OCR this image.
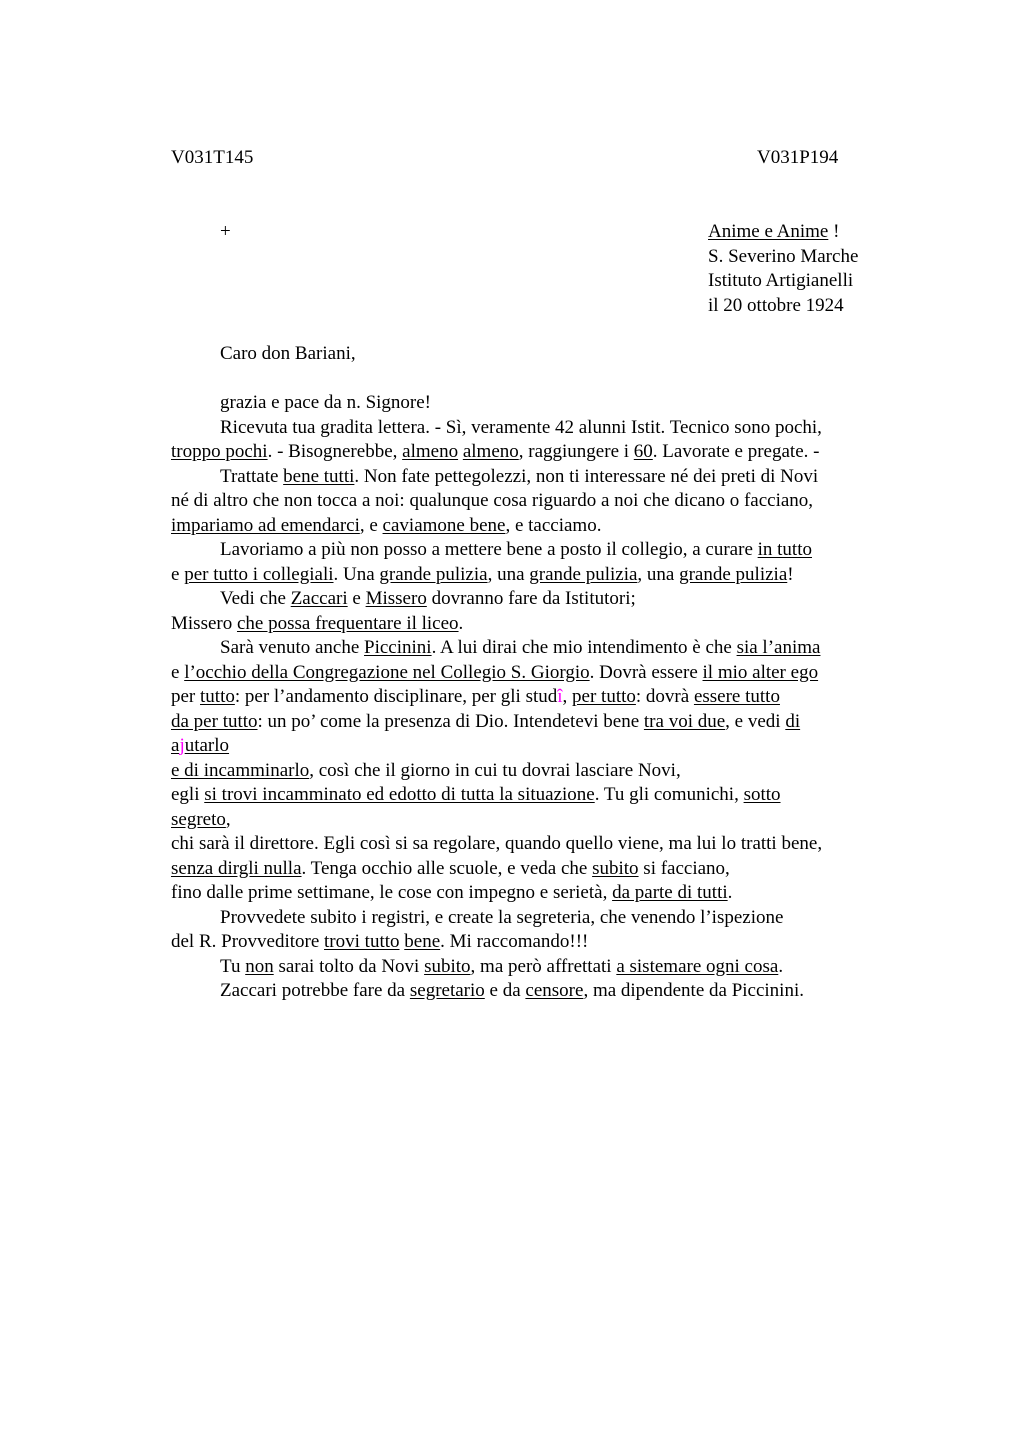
V031T145	V031P194
+	Anime e Anime !
S. Severino Marche
Istituto Artigianelli
il 20 ottobre 1924
Caro don Bariani,
grazia e pace da n. Signore!
Ricevuta tua gradita lettera. - Sì, veramente 42 alunni Istit. Tecnico sono pochi,
troppo pochi. - Bisognerebbe, almeno almeno, raggiungere i 60. Lavorate e pregate. -
Trattate bene tutti. Non fate pettegolezzi, non ti interessare né dei preti di Novi
né di altro che non tocca a noi: qualunque cosa riguardo a noi che dicano o facciano,
impariamo ad emendarci, e caviamone bene, e tacciamo.
Lavoriamo a più non posso a mettere bene a posto il collegio, a curare in tutto
e per tutto i collegiali. Una grande pulizia, una grande pulizia, una grande pulizia!
Vedi che Zaccari e Missero dovranno fare da Istitutori;
Missero che possa frequentare il liceo.
Sarà venuto anche Piccinini. A lui dirai che mio intendimento è che sia l’anima
e l’occhio della Congregazione nel Collegio S. Giorgio. Dovrà essere il mio alter ego
per tutto: per l’andamento disciplinare, per gli studî, per tutto: dovrà essere tutto
da per tutto: un po’ come la presenza di Dio. Intendetevi bene tra voi due, e vedi di
ajutarlo
e di incamminarlo, così che il giorno in cui tu dovrai lasciare Novi,
egli si trovi incamminato ed edotto di tutta la situazione. Tu gli comunichi, sotto
segreto,
chi sarà il direttore. Egli così si sa regolare, quando quello viene, ma lui lo tratti bene,
senza dirgli nulla. Tenga occhio alle scuole, e veda che subito si facciano,
fino dalle prime settimane, le cose con impegno e serietà, da parte di tutti.
Provvedete subito i registri, e create la segreteria, che venendo l’ispezione
del R. Provveditore trovi tutto bene. Mi raccomando!!!
Tu non sarai tolto da Novi subito, ma però affrettati a sistemare ogni cosa.
Zaccari potrebbe fare da segretario e da censore, ma dipendente da Piccinini.
